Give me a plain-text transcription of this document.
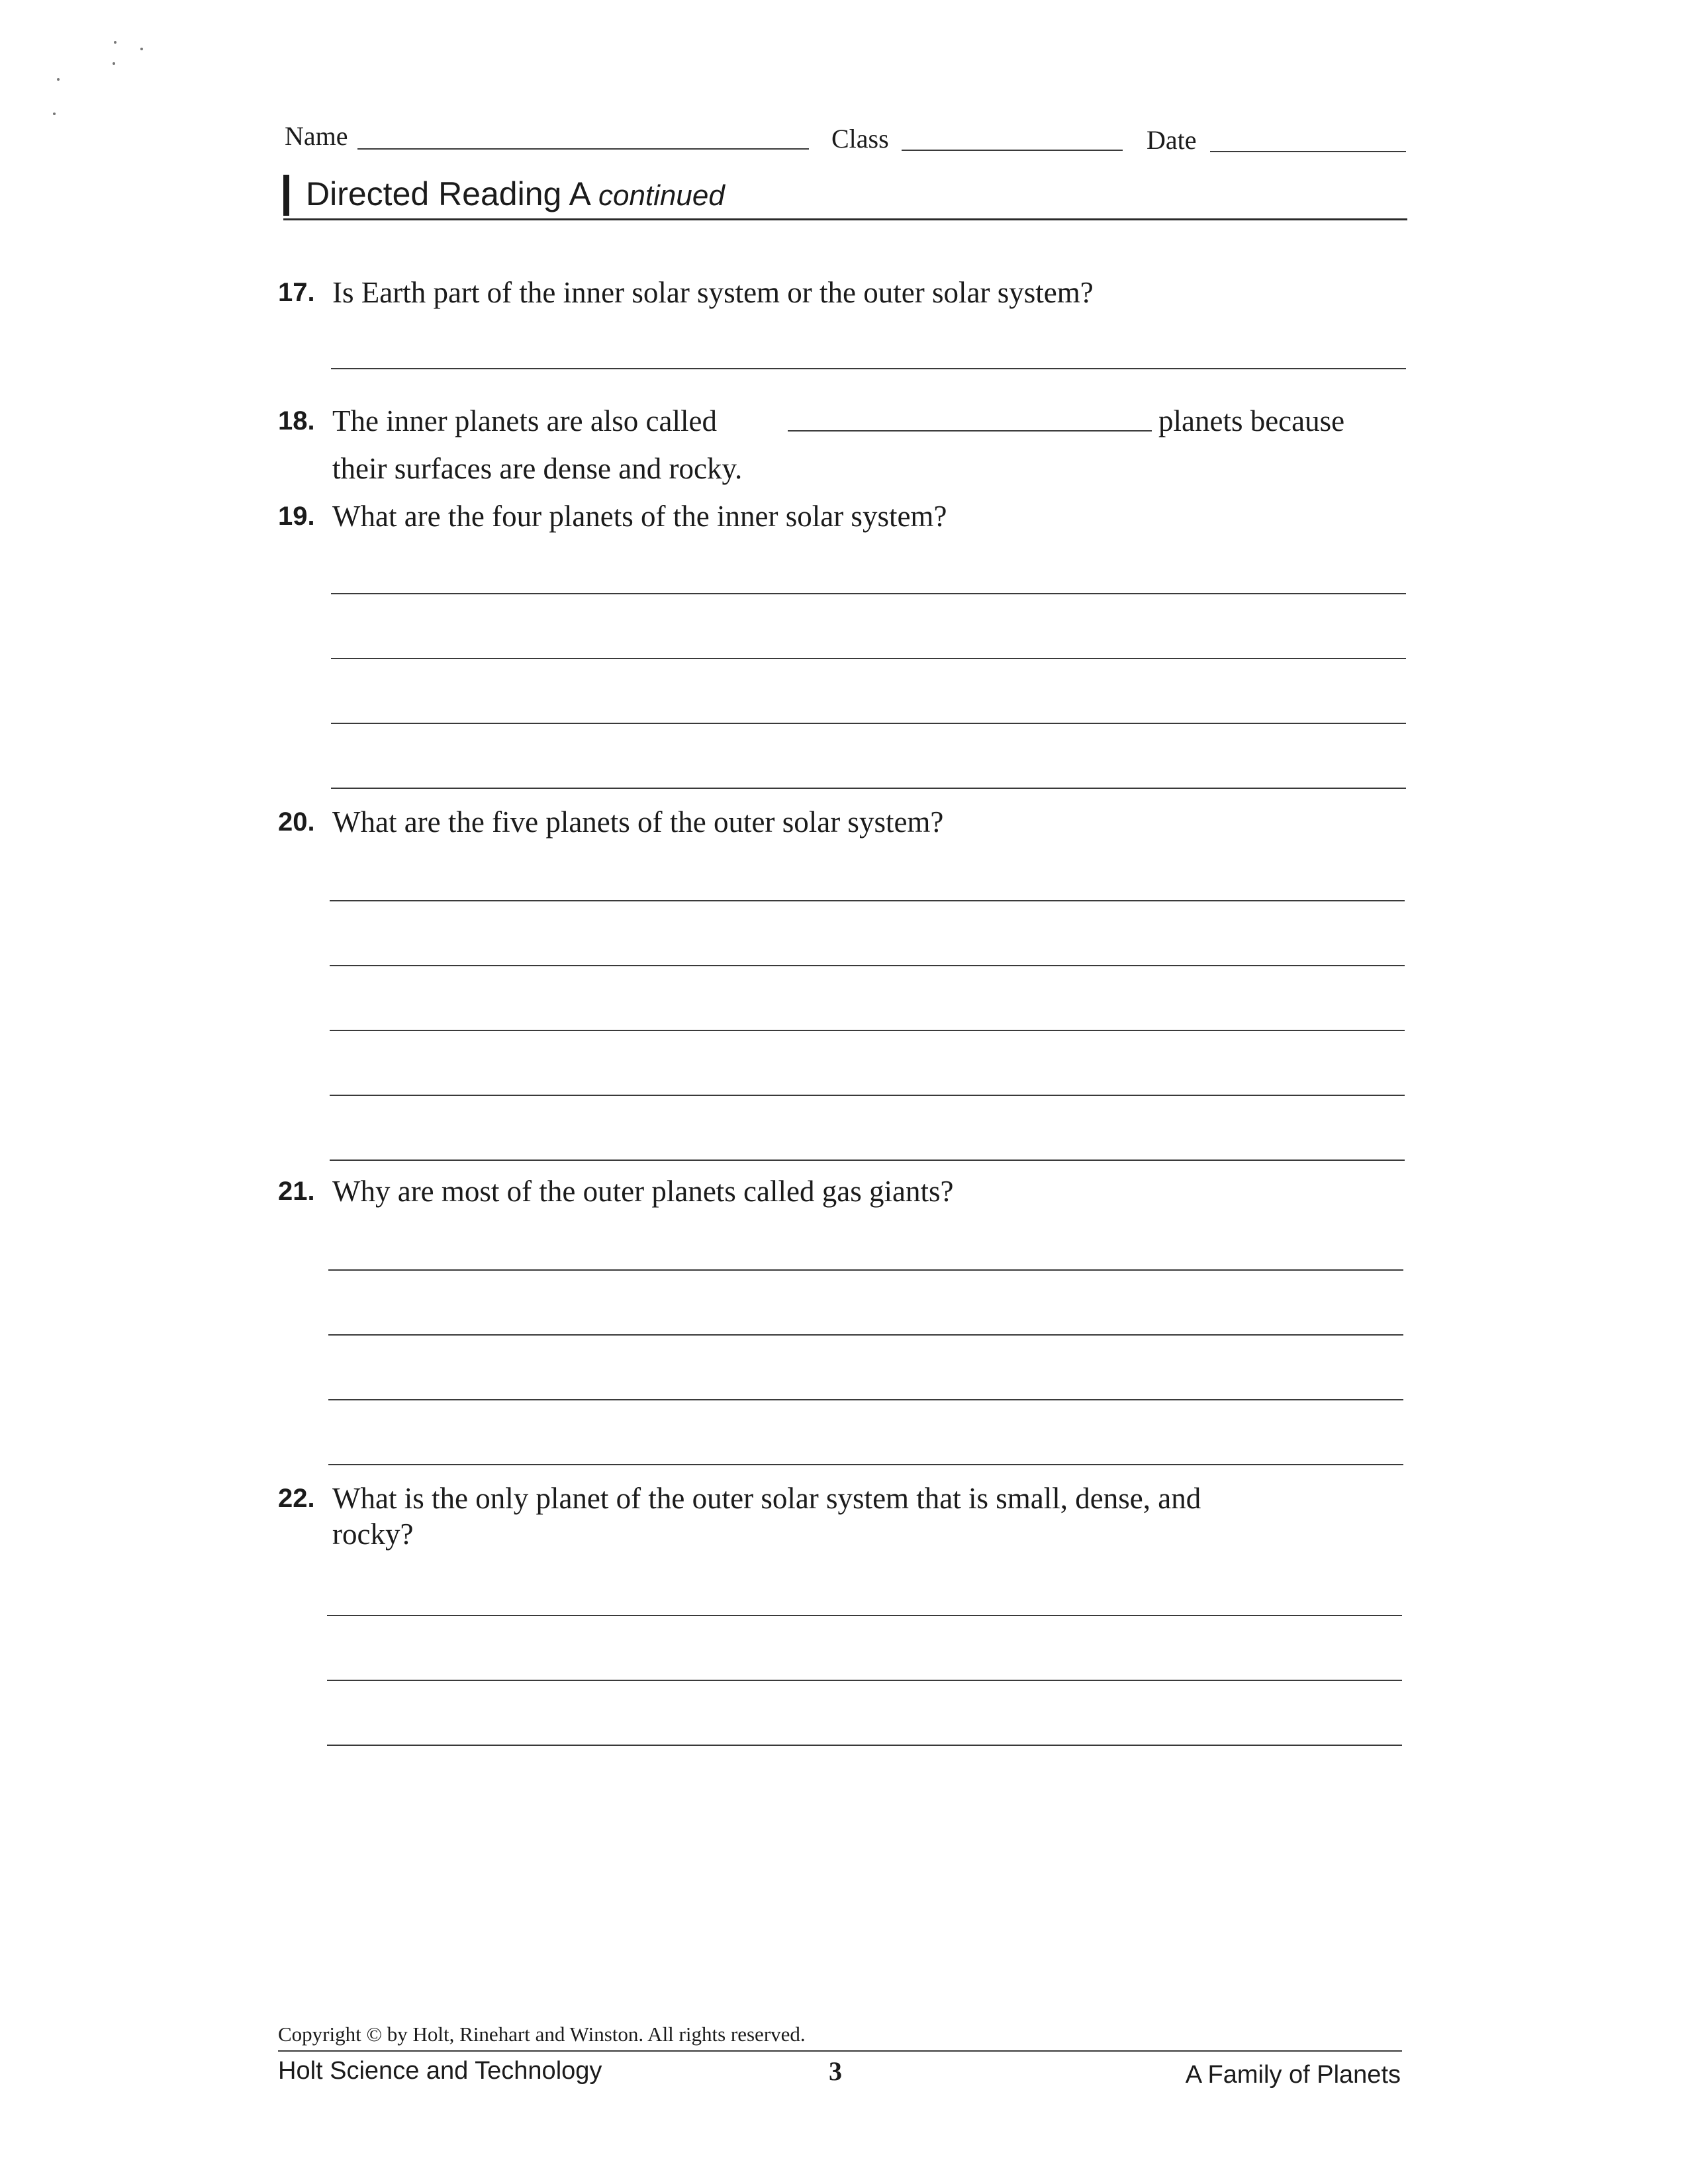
Name	Class	Date
Directed Reading A continued
17. Is Earth part of the inner solar system or the outer solar system?
18. The inner planets are also called	planets because
their surfaces are dense and rocky.
19. What are the four planets of the inner solar system?
20. What are the five planets of the outer solar system?
21. Why are most of the outer planets called gas giants?
22. What is the only planet of the outer solar system that is small, dense, and
rocky?
Copyright © by Holt, Rinehart and Winston. All rights reserved.
Holt Science and Technology	3	A Family of Planets
